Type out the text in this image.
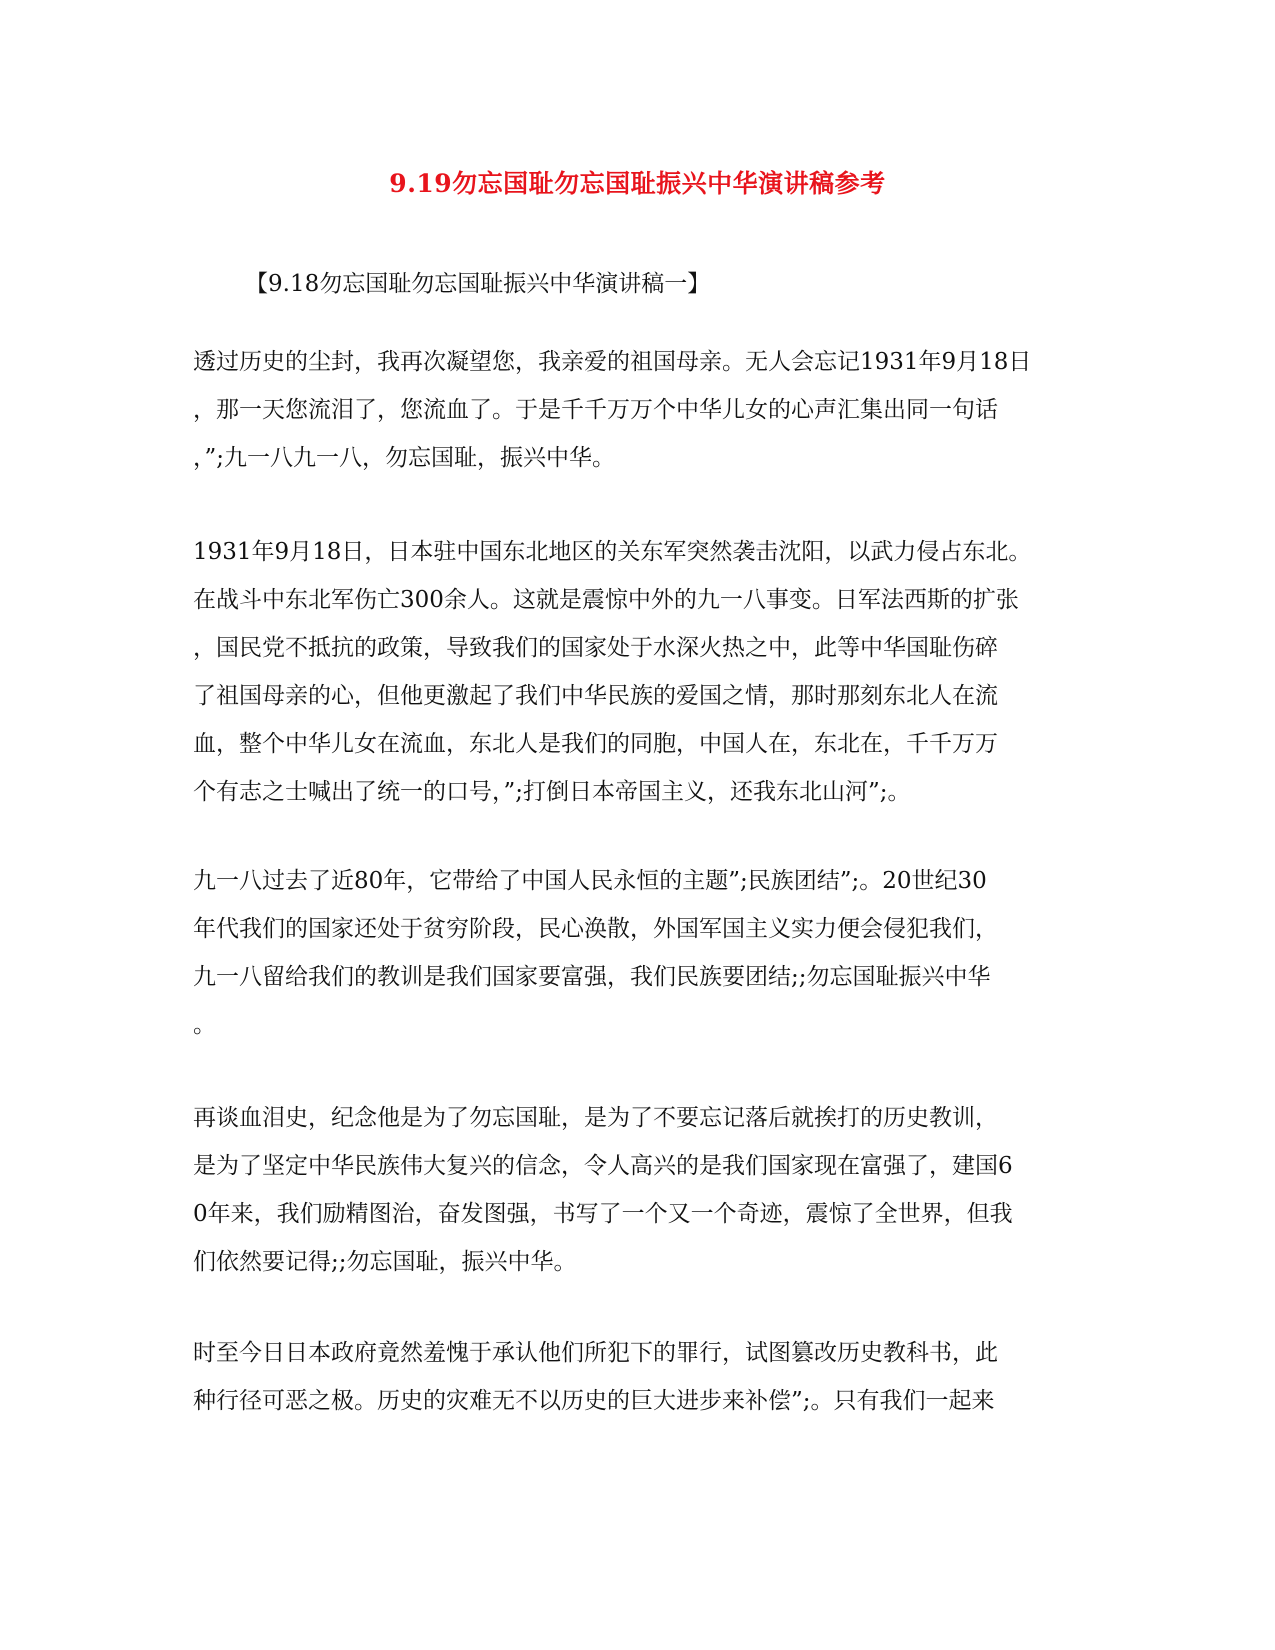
9.19勿忘国耻勿忘国耻振兴中华演讲稿参考
【9.18勿忘国耻勿忘国耻振兴中华演讲稿一】
透过历史的尘封，我再次凝望您，我亲爱的祖国母亲。无人会忘记1931年9月18日
，那一天您流泪了，您流血了。于是千千万万个中华儿女的心声汇集出同一句话
，”;九一八九一八，勿忘国耻，振兴中华。
1931年9月18日，日本驻中国东北地区的关东军突然袭击沈阳，以武力侵占东北。
在战斗中东北军伤亡300余人。这就是震惊中外的九一八事变。日军法西斯的扩张
，国民党不抵抗的政策，导致我们的国家处于水深火热之中，此等中华国耻伤碎
了祖国母亲的心，但他更激起了我们中华民族的爱国之情，那时那刻东北人在流
血，整个中华儿女在流血，东北人是我们的同胞，中国人在，东北在，千千万万
个有志之士喊出了统一的口号，”;打倒日本帝国主义，还我东北山河”;。
九一八过去了近80年，它带给了中国人民永恒的主题”;民族团结”;。20世纪30
年代我们的国家还处于贫穷阶段，民心涣散，外国军国主义实力便会侵犯我们，
九一八留给我们的教训是我们国家要富强，我们民族要团结;;勿忘国耻振兴中华
。
再谈血泪史，纪念他是为了勿忘国耻，是为了不要忘记落后就挨打的历史教训，
是为了坚定中华民族伟大复兴的信念，令人高兴的是我们国家现在富强了，建国6
0年来，我们励精图治，奋发图强，书写了一个又一个奇迹，震惊了全世界，但我
们依然要记得;;勿忘国耻，振兴中华。
时至今日日本政府竟然羞愧于承认他们所犯下的罪行，试图篡改历史教科书，此
种行径可恶之极。历史的灾难无不以历史的巨大进步来补偿”;。只有我们一起来
